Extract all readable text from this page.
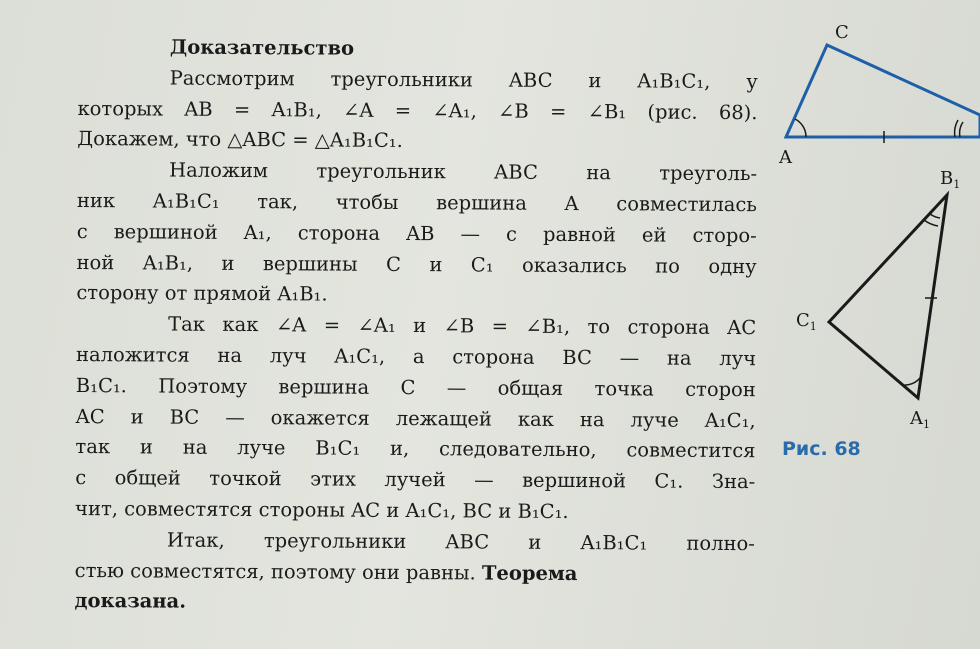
Доказательство
Рассмотрим треугольники ABC и A₁B₁C₁, у
которых AB = A₁B₁, ∠A = ∠A₁, ∠B = ∠B₁ (рис. 68).
Докажем, что △ABC = △A₁B₁C₁.
Наложим треугольник ABC на треуголь-
ник A₁B₁C₁ так, чтобы вершина A совместилась
с вершиной A₁, сторона AB — с равной ей сторо-
ной A₁B₁, и вершины C и C₁ оказались по одну
сторону от прямой A₁B₁.
Так как ∠A = ∠A₁ и ∠B = ∠B₁, то сторона AC
наложится на луч A₁C₁, а сторона BC — на луч
B₁C₁. Поэтому вершина C — общая точка сторон
AC и BC — окажется лежащей как на луче A₁C₁,
так и на луче B₁C₁ и, следовательно, совместится
с общей точкой этих лучей — вершиной C₁. Зна-
чит, совместятся стороны AC и A₁C₁, BC и B₁C₁.
Итак, треугольники ABC и A₁B₁C₁ полно-
стью совместятся, поэтому они равны. Теорема
доказана.
C
A
$B_1$
$C_1$
$A_1$
Рис. 68
